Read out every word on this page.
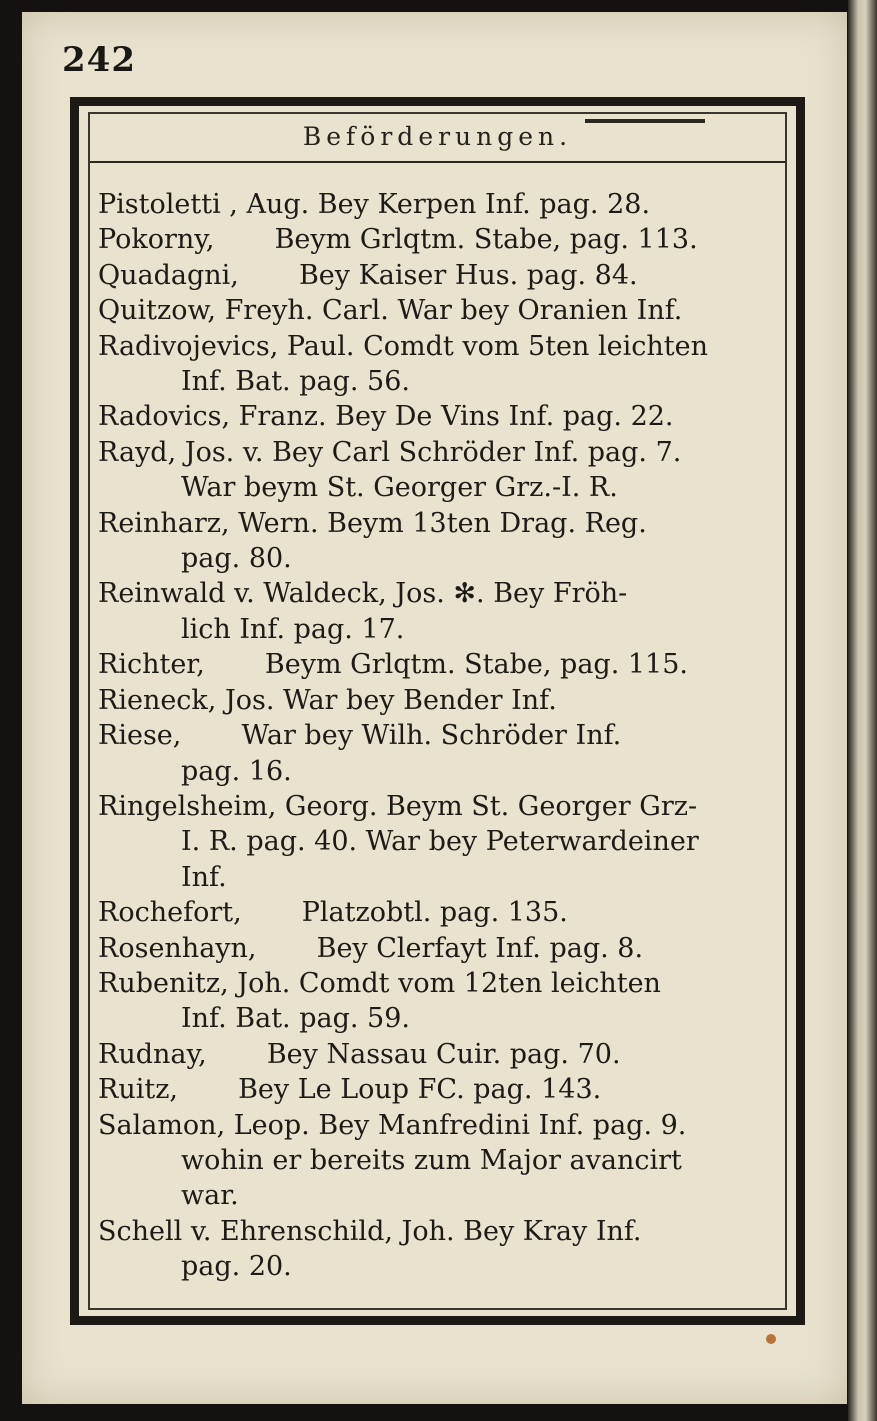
242
Beförderungen.
Pistoletti , Aug. Bey Kerpen Inf. pag. 28.
Pokorny,       Beym Grlqtm. Stabe, pag. 113.
Quadagni,       Bey Kaiser Hus. pag. 84.
Quitzow, Freyh. Carl. War bey Oranien Inf.
Radivojevics, Paul. Comdt vom 5ten leichten
Inf. Bat. pag. 56.
Radovics, Franz. Bey De Vins Inf. pag. 22.
Rayd, Jos. v. Bey Carl Schröder Inf. pag. 7.
War beym St. Georger Grz.-I. R.
Reinharz, Wern. Beym 13ten Drag. Reg.
pag. 80.
Reinwald v. Waldeck, Jos. ✻. Bey Fröh-
lich Inf. pag. 17.
Richter,       Beym Grlqtm. Stabe, pag. 115.
Rieneck, Jos. War bey Bender Inf.
Riese,       War bey Wilh. Schröder Inf.
pag. 16.
Ringelsheim, Georg. Beym St. Georger Grz-
I. R. pag. 40. War bey Peterwardeiner
Inf.
Rochefort,       Platzobtl. pag. 135.
Rosenhayn,       Bey Clerfayt Inf. pag. 8.
Rubenitz, Joh. Comdt vom 12ten leichten
Inf. Bat. pag. 59.
Rudnay,       Bey Nassau Cuir. pag. 70.
Ruitz,       Bey Le Loup FC. pag. 143.
Salamon, Leop. Bey Manfredini Inf. pag. 9.
wohin er bereits zum Major avancirt
war.
Schell v. Ehrenschild, Joh. Bey Kray Inf.
pag. 20.
